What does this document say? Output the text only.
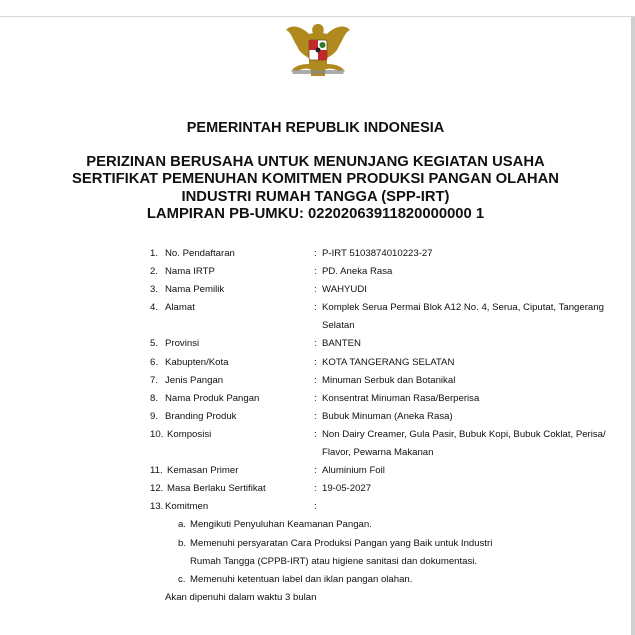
PEMERINTAH REPUBLIK INDONESIA
PERIZINAN BERUSAHA UNTUK MENUNJANG KEGIATAN USAHA
SERTIFIKAT PEMENUHAN KOMITMEN PRODUKSI PANGAN OLAHAN
INDUSTRI RUMAH TANGGA (SPP-IRT)
LAMPIRAN PB-UMKU: 02202063911820000000 1
1. No. Pendaftaran	: P-IRT 5103874010223-27
2. Nama IRTP	: PD. Aneka Rasa
3. Nama Pemilik	: WAHYUDI
4. Alamat	: Komplek Serua Permai Blok A12 No. 4, Serua, Ciputat, Tangerang Selatan
5. Provinsi	: BANTEN
6. Kabupten/Kota	: KOTA TANGERANG SELATAN
7. Jenis Pangan	: Minuman Serbuk dan Botanikal
8. Nama Produk Pangan	: Konsentrat Minuman Rasa/Berperisa
9. Branding Produk	: Bubuk Minuman (Aneka Rasa)
10. Komposisi	: Non Dairy Creamer, Gula Pasir, Bubuk Kopi, Bubuk Coklat, Perisa/ Flavor, Pewarna Makanan
11. Kemasan Primer	: Aluminium Foil
12. Masa Berlaku Sertifikat	: 19-05-2027
13. Komitmen	:
a. Mengikuti Penyuluhan Keamanan Pangan.
b. Memenuhi persyaratan Cara Produksi Pangan yang Baik untuk Industri Rumah Tangga (CPPB-IRT) atau higiene sanitasi dan dokumentasi.
c. Memenuhi ketentuan label dan iklan pangan olahan.
Akan dipenuhi dalam waktu 3 bulan
